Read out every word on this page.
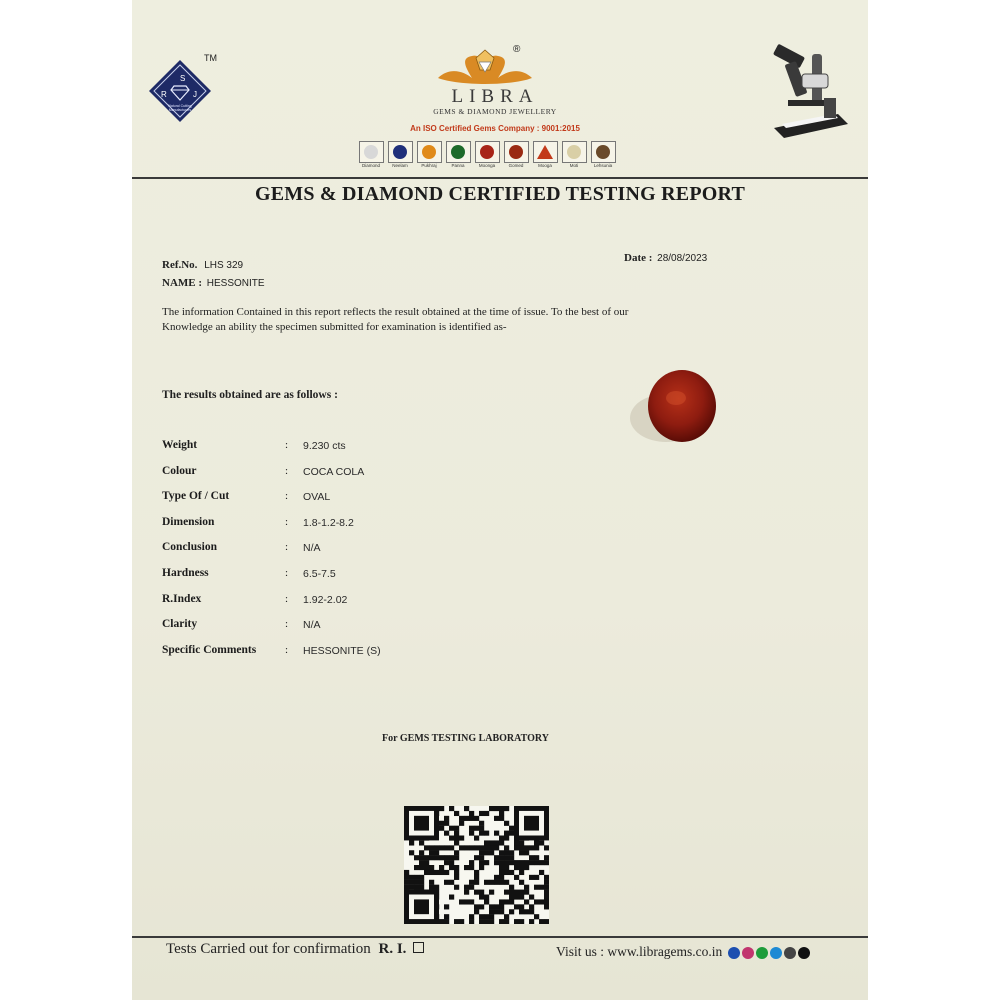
S
R	J
Natural Cutting Manufacturers
TM
®
LIBRA
GEMS & DIAMOND JEWELLERY
An ISO Certified Gems Company : 9001:2015
Diamond	Neelam	Pukhraj	Panna	Moonga	Gomed	Mooga	Moti	Lehsunia
GEMS & DIAMOND CERTIFIED TESTING REPORT
Ref.No. LHS 329
NAME : HESSONITE
Date : 28/08/2023
The information Contained in this report reflects the result obtained at the time of issue. To the best of our
Knowledge an ability the specimen submitted for examination is identified as-
The results obtained are as follows :
Weight	: 9.230 cts
Colour	: COCA COLA
Type Of / Cut	: OVAL
Dimension	: 1.8-1.2-8.2
Conclusion	: N/A
Hardness	: 6.5-7.5
R.Index	: 1.92-2.02
Clarity	: N/A
Specific Comments	: HESSONITE (S)
For GEMS TESTING LABORATORY
Tests Carried out for confirmation R. I.	Visit us : www.libragems.co.in
